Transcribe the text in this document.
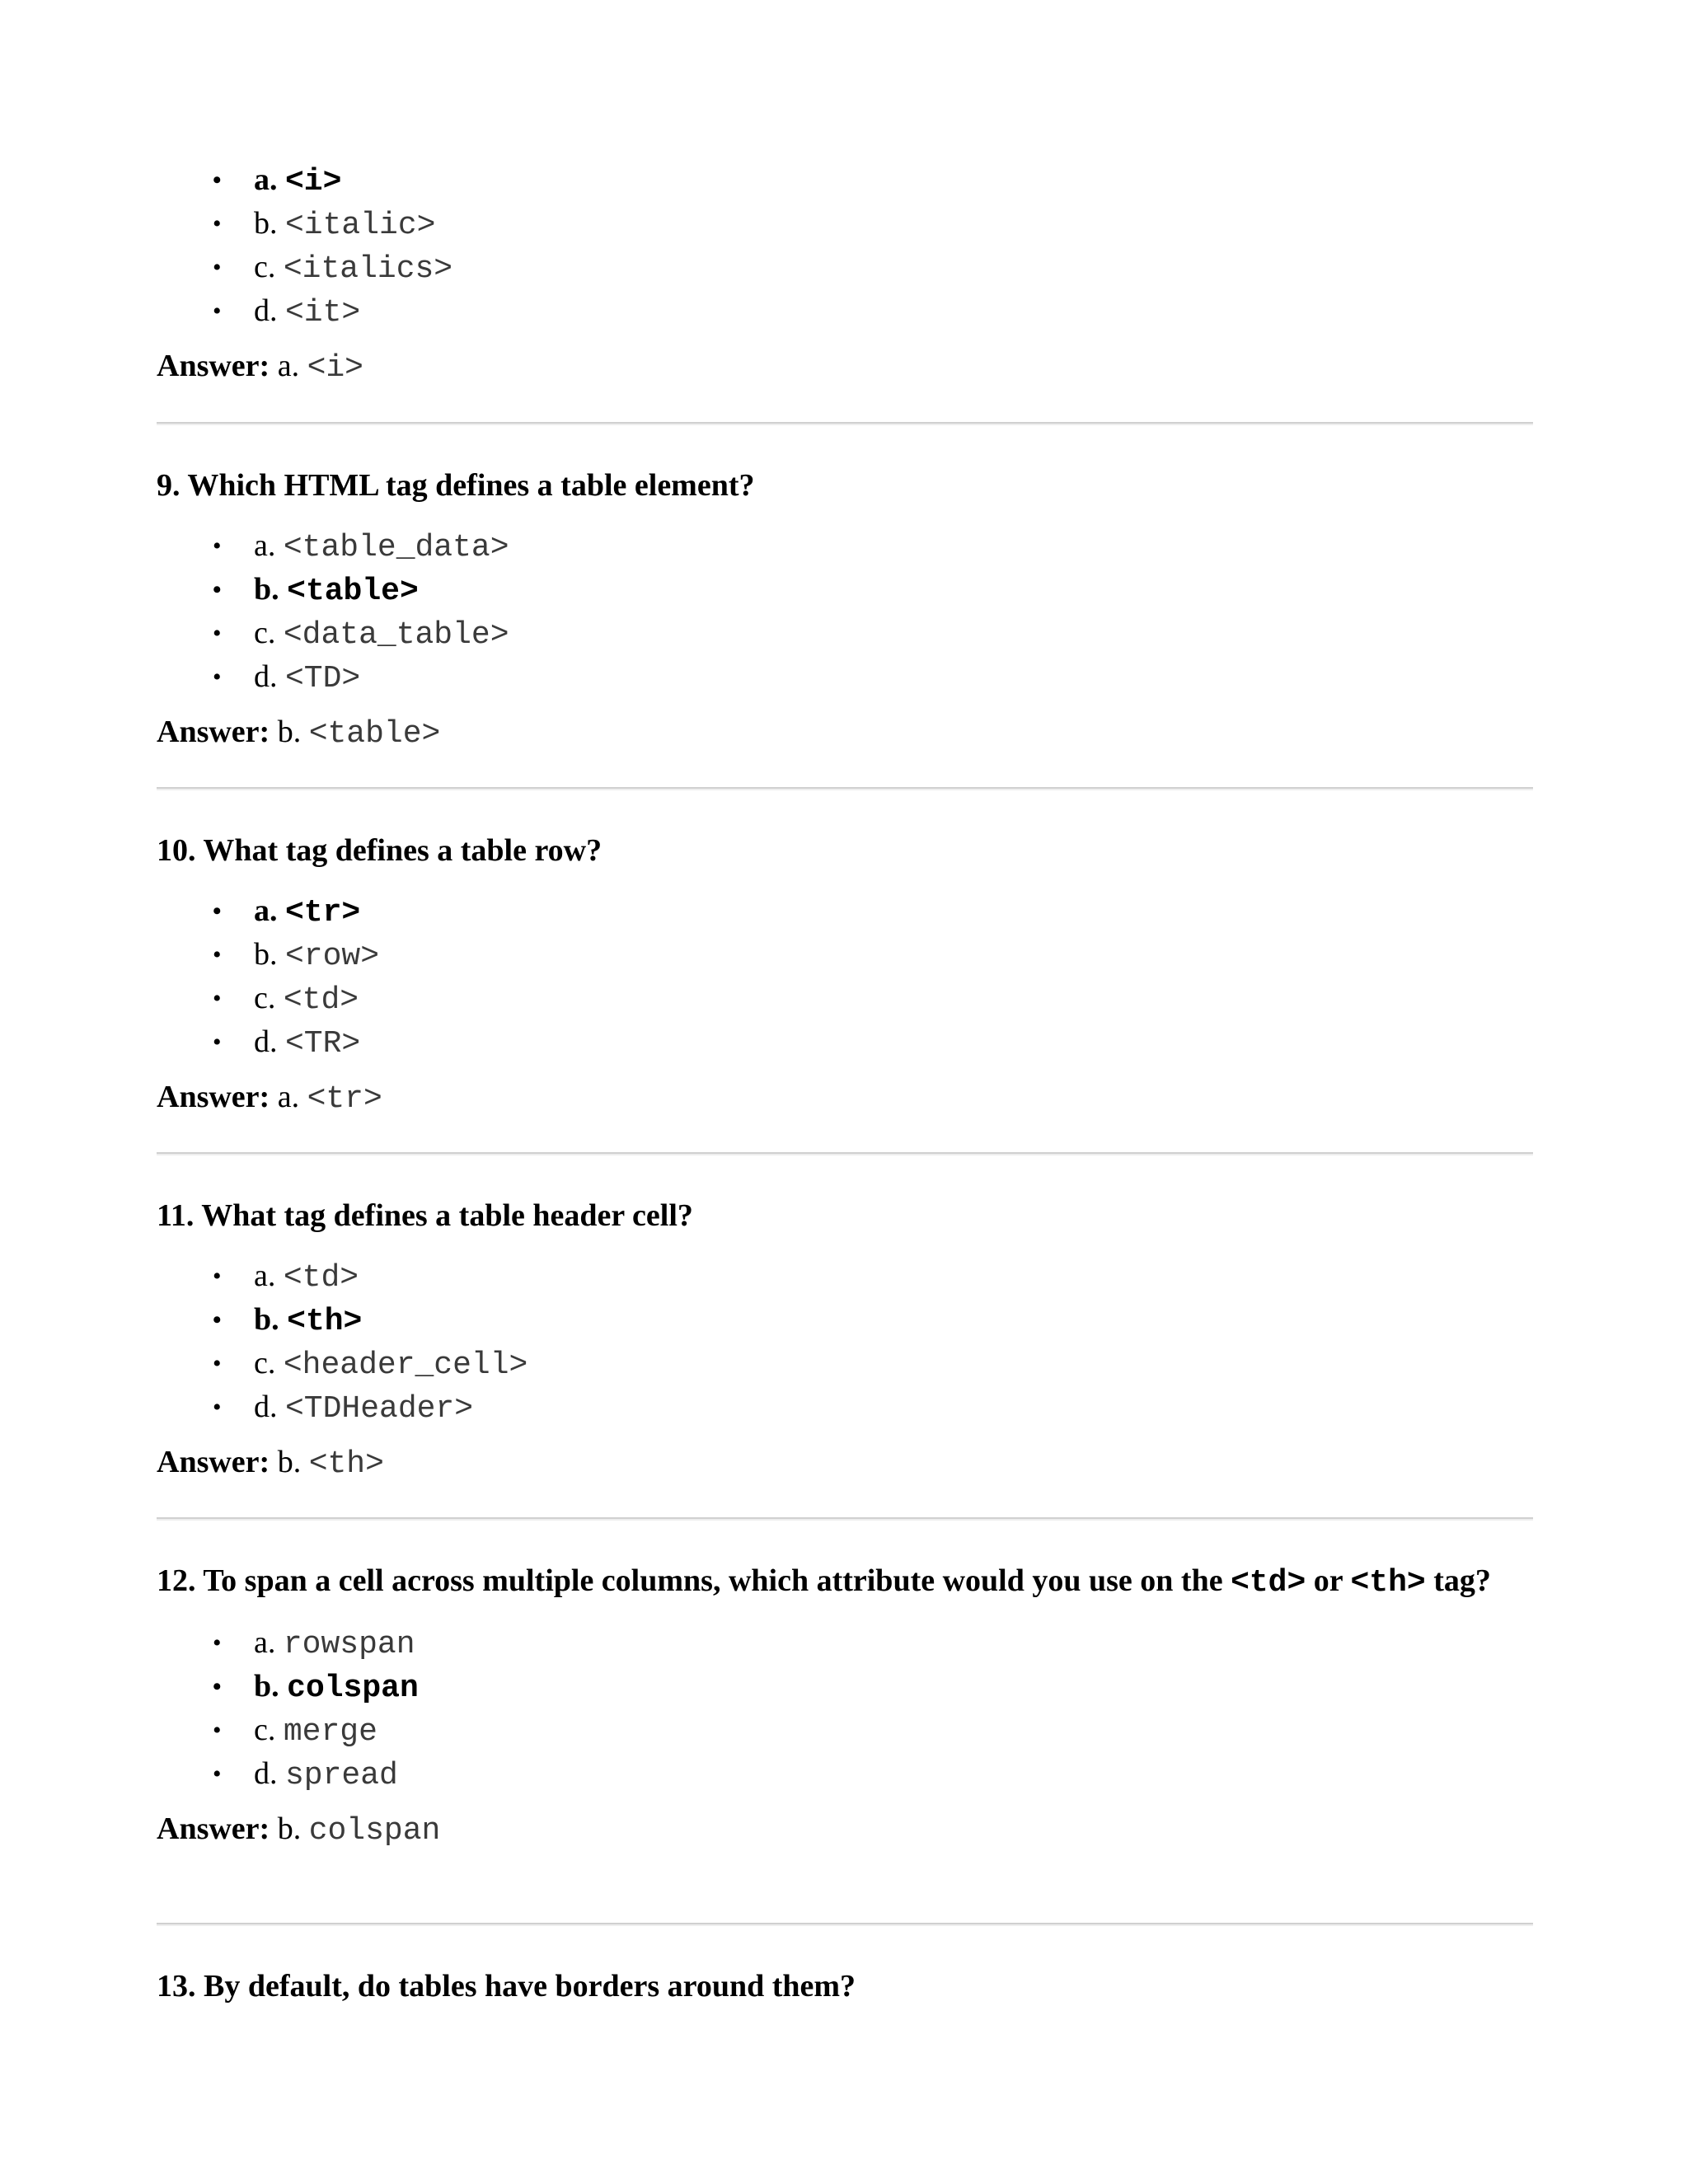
• a. <i>
• b. <italic>
• c. <italics>
• d. <it>
Answer: a. <i>

9. Which HTML tag defines a table element?

• a. <table_data>
• b. <table>
• c. <data_table>
• d. <TD>
Answer: b. <table>

10. What tag defines a table row?

• a. <tr>
• b. <row>
• c. <td>
• d. <TR>
Answer: a. <tr>

11. What tag defines a table header cell?

• a. <td>
• b. <th>
• c. <header_cell>
• d. <TDHeader>
Answer: b. <th>

12. To span a cell across multiple columns, which attribute would you use on the <td> or <th> tag?

• a. rowspan
• b. colspan
• c. merge
• d. spread
Answer: b. colspan

13. By default, do tables have borders around them?
